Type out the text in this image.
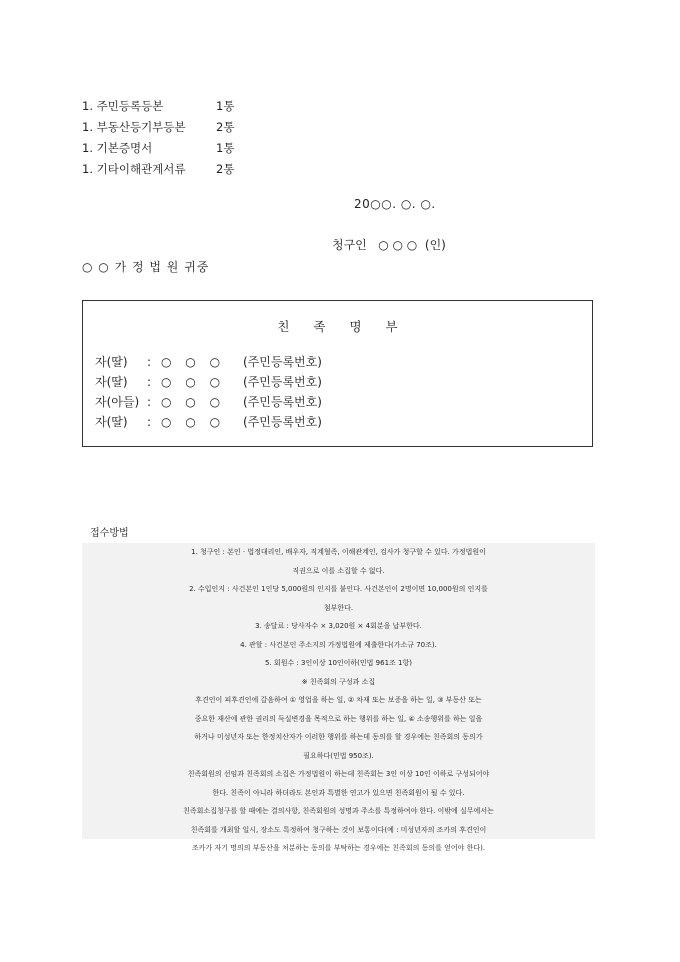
1. 주민등록등본	1통
1. 부동산등기부등본	2통
1. 기본증명서	1통
1. 기타이해관계서류	2통
20○○. ○. ○.
청구인   ○ ○ ○  (인)
○ ○ 가 정 법 원 귀중
친 족 명 부
자(딸)	: ○ ○ ○	(주민등록번호)
자(딸)	: ○ ○ ○	(주민등록번호)
자(아들) : ○ ○ ○	(주민등록번호)
자(딸)	: ○ ○ ○	(주민등록번호)
접수방법
1. 청구인 : 본인 · 법정대리인, 배우자, 직계혈족, 이해관계인, 검사가 청구할 수 있다. 가정법원이
직권으로 이를 소집할 수 없다.
2. 수입인지 : 사건본인 1인당 5,000원의 인지를 붙인다. 사건본인이 2명이면 10,000원의 인지를
첨부한다.
3. 송달료 : 당사자수 × 3,020원 × 4회분을 납부한다.
4. 관할 : 사건본인 주소지의 가정법원에 제출한다(가소규 70조).
5. 회원수 : 3인이상 10인이하(민법 961조 1항)
※ 친족회의 구성과 소집
후견인이 피후견인에 갈음하여 ① 영업을 하는 일, ② 차재 또는 보증을 하는 일, ③ 부동산 또는
중요한 재산에 관한 권리의 득실변경을 목적으로 하는 행위를 하는 일, ④ 소송행위를 하는 일을
하거나 미성년자 또는 한정치산자가 이러한 행위를 하는데 동의를 할 경우에는 친족회의 동의가
필요하다(민법 950조).
친족회원의 선임과 친족회의 소집은 가정법원이 하는데 친족회는 3인 이상 10인 이하로 구성되어야
한다. 친족이 아니라 하더라도 본인과 특별한 연고가 있으면 친족회원이 될 수 있다.
친족회소집청구를 할 때에는 결의사항, 친족회원의 성명과 주소를 특정하여야 한다. 이밖에 실무에서는
친족회를 개최할 일시, 장소도 특정하여 청구하는 것이 보통이다(예 : 미성년자의 조카의 후견인이
조카가 자기 명의의 부동산을 처분하는 동의를 부탁하는 경우에는 친족회의 동의를 얻어야 한다).
